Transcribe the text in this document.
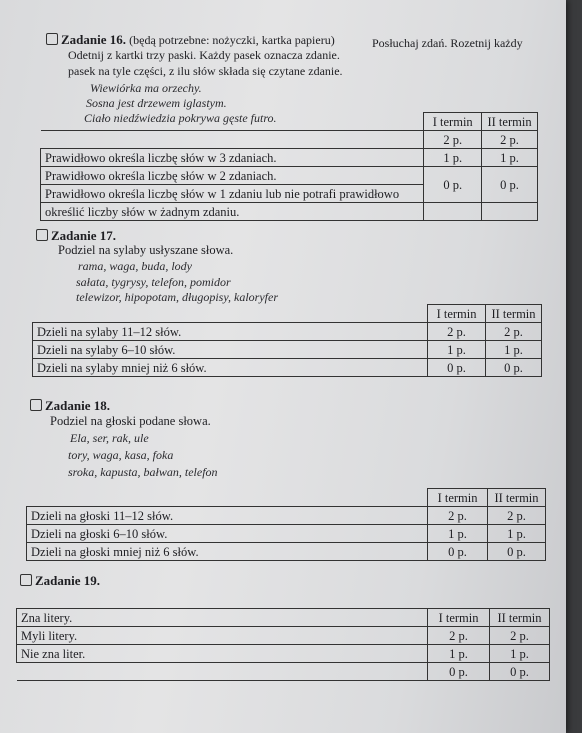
Zadanie 16. (będą potrzebne: nożyczki, kartka papieru)	Posłuchaj zdań. Rozetnij każdy
Odetnij z kartki trzy paski. Każdy pasek oznacza zdanie.
pasek na tyle części, z ilu słów składa się czytane zdanie.
Wiewiórka ma orzechy.
Sosna jest drzewem iglastym.
Ciało niedźwiedzia pokrywa gęste futro.
		I termin	II termin
	2 p.	2 p.
Prawidłowo określa liczbę słów w 3 zdaniach.	1 p.	1 p.
Prawidłowo określa liczbę słów w 2 zdaniach.	0 p.	0 p.
Prawidłowo określa liczbę słów w 1 zdaniu lub nie potrafi prawidłowo		
określić liczby słów w żadnym zdaniu.		
Zadanie 17.
Podziel na sylaby usłyszane słowa.
rama, waga, buda, lody
sałata, tygrysy, telefon, pomidor
telewizor, hipopotam, długopisy, kaloryfer
	I termin	II termin
Dzieli na sylaby 11–12 słów.	2 p.	2 p.
Dzieli na sylaby 6–10 słów.	1 p.	1 p.
Dzieli na sylaby mniej niż 6 słów.	0 p.	0 p.
Zadanie 18.
Podziel na głoski podane słowa.
Ela, ser, rak, ule
tory, waga, kasa, foka
sroka, kapusta, bałwan, telefon
	I termin	II termin
Dzieli na głoski 11–12 słów.	2 p.	2 p.
Dzieli na głoski 6–10 słów.	1 p.	1 p.
Dzieli na głoski mniej niż 6 słów.	0 p.	0 p.
Zadanie 19.
Zna litery.	I termin	II termin
Myli litery.	2 p.	2 p.
Nie zna liter.	1 p.	1 p.
	0 p.	0 p.
